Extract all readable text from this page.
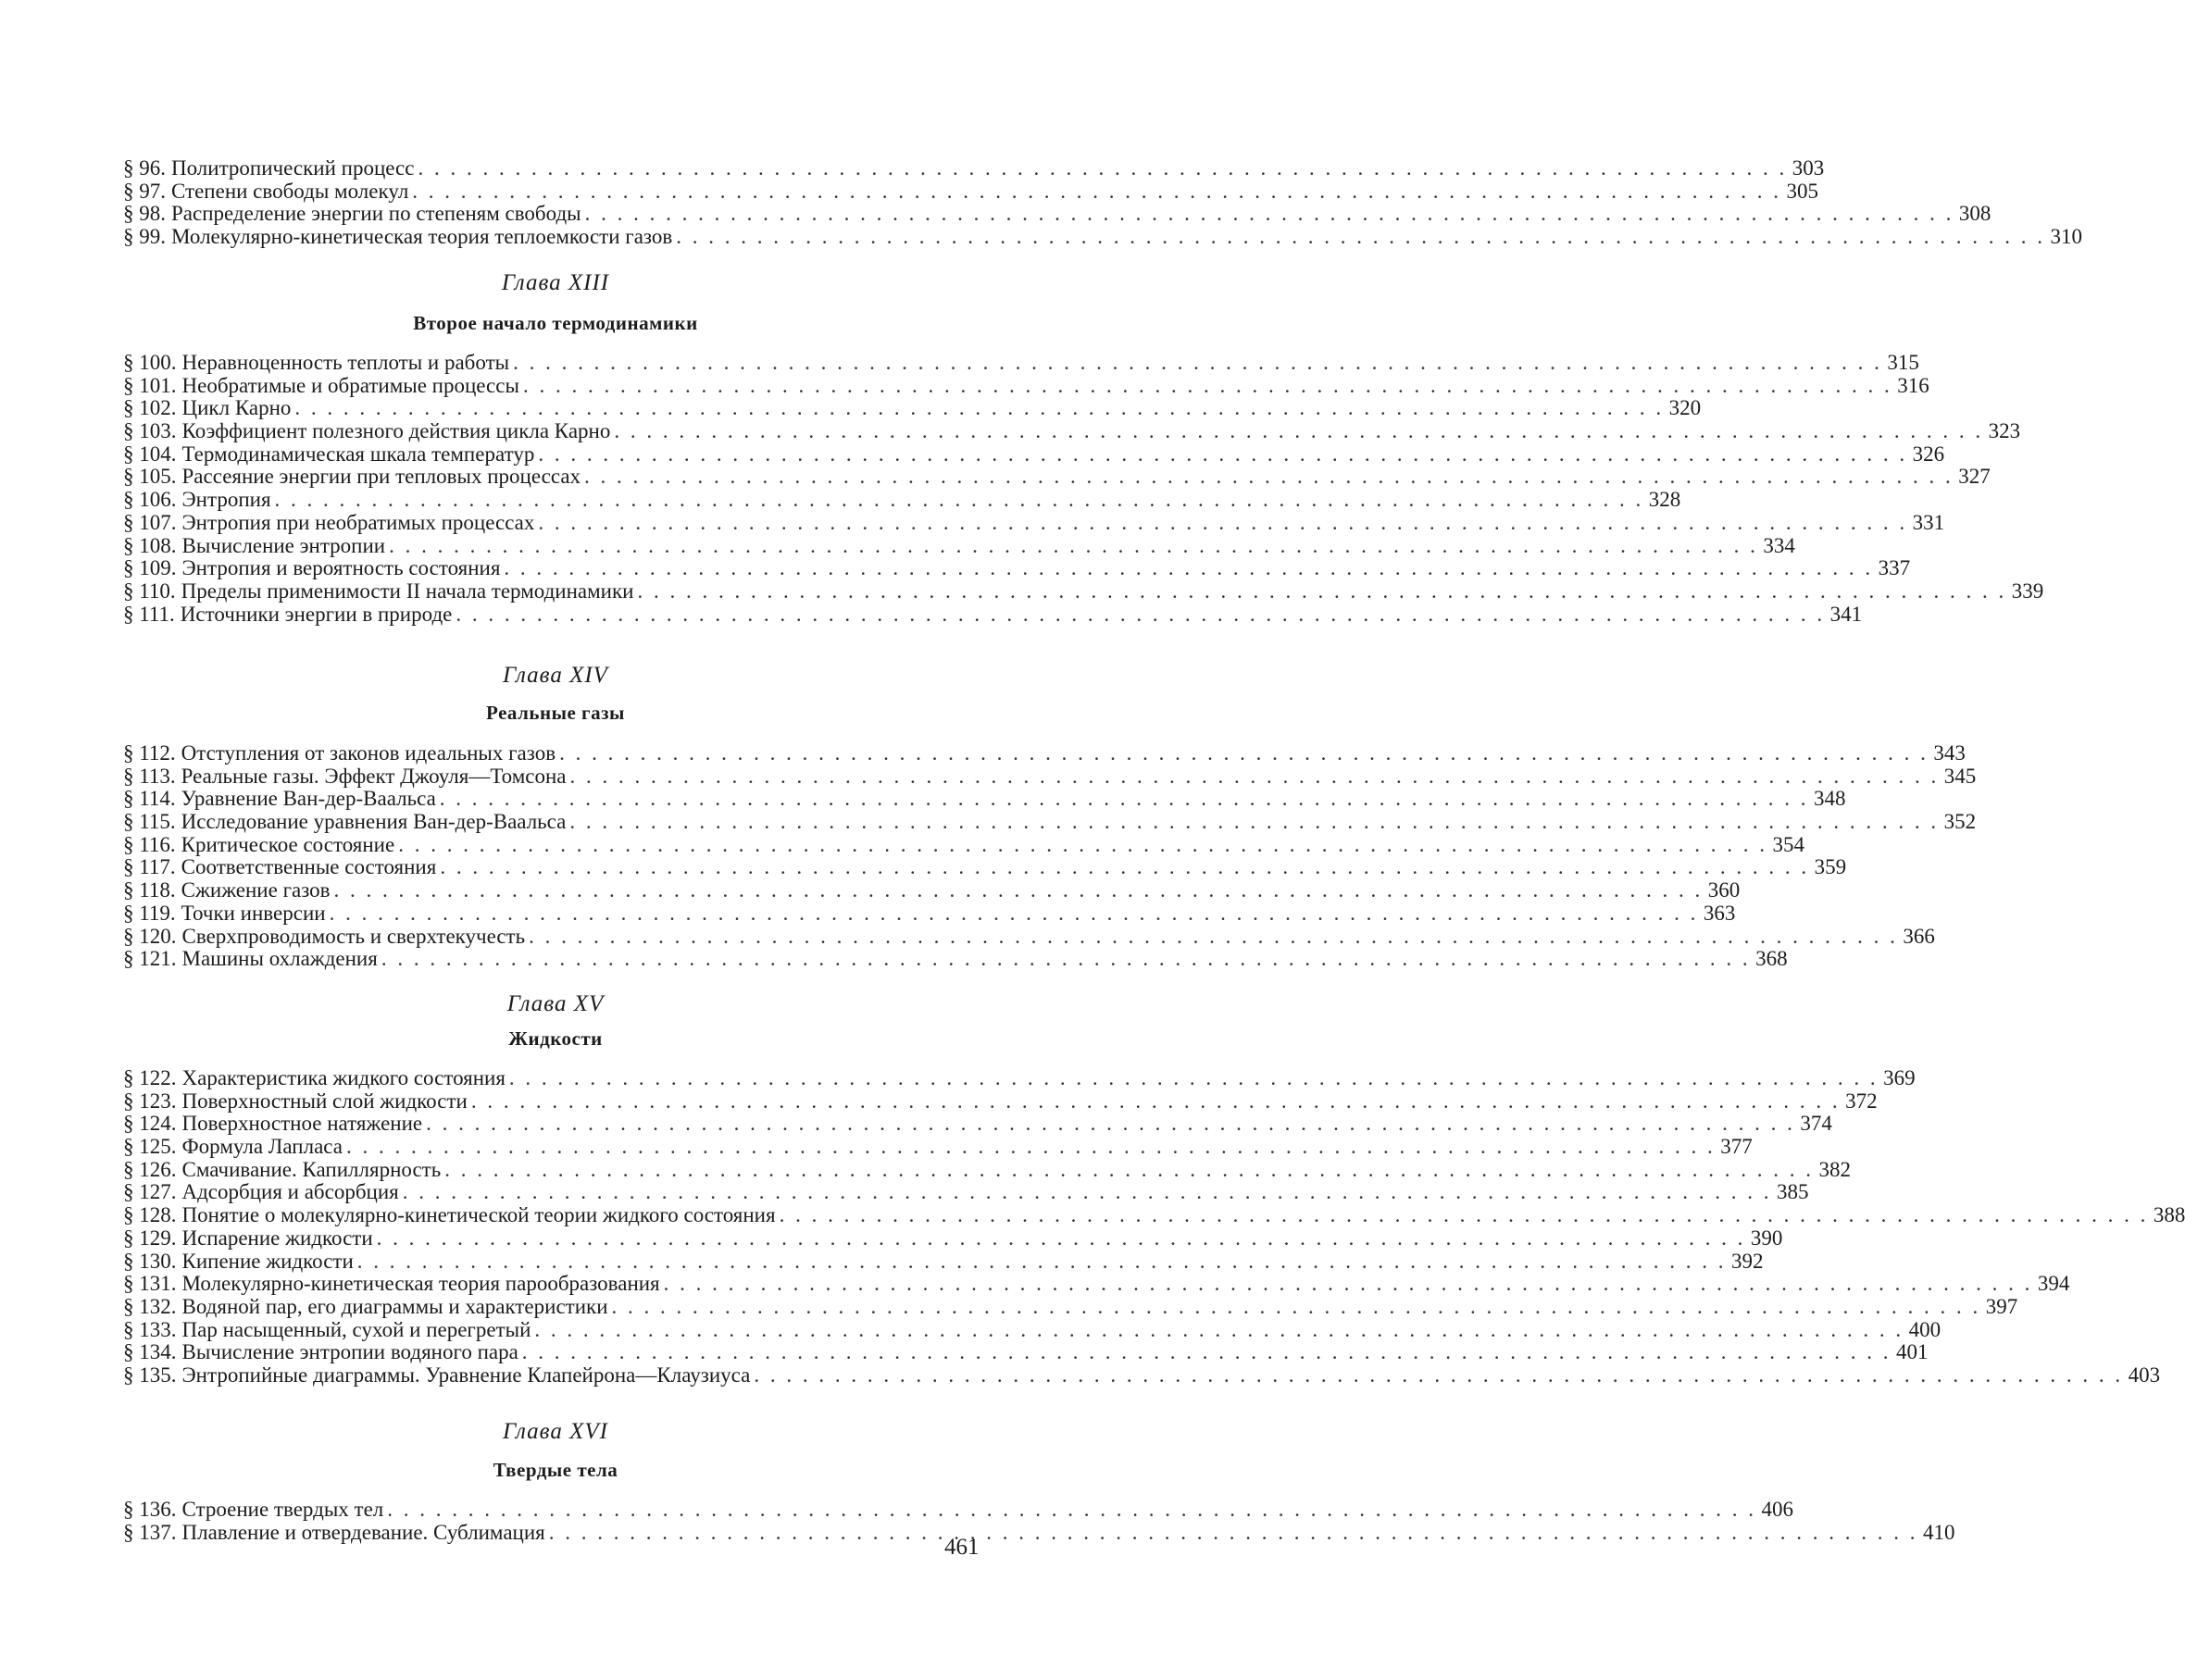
§ 96. Политропический процесс . . .	303
§ 97. Степени свободы молекул . . .	305
§ 98. Распределение энергии по степеням свободы . . .	308
§ 99. Молекулярно-кинетическая теория теплоемкости газов . . .	310
Глава XIII
Второе начало термодинамики
§ 100. Неравноценность теплоты и работы . . .	315
§ 101. Необратимые и обратимые процессы . . .	316
§ 102. Цикл Карно . . .	320
§ 103. Коэффициент полезного действия цикла Карно . . .	323
§ 104. Термодинамическая шкала температур . . .	326
§ 105. Рассеяние энергии при тепловых процессах . . .	327
§ 106. Энтропия . . .	328
§ 107. Энтропия при необратимых процессах . . .	331
§ 108. Вычисление энтропии . . .	334
§ 109. Энтропия и вероятность состояния . . .	337
§ 110. Пределы применимости II начала термодинамики . . .	339
§ 111. Источники энергии в природе . . .	341
Глава XIV
Реальные газы
§ 112. Отступления от законов идеальных газов . . .	343
§ 113. Реальные газы. Эффект Джоуля—Томсона . . .	345
§ 114. Уравнение Ван-дер-Ваальса . . .	348
§ 115. Исследование уравнения Ван-дер-Ваальса . . .	352
§ 116. Критическое состояние . . .	354
§ 117. Соответственные состояния . . .	359
§ 118. Сжижение газов . . .	360
§ 119. Точки инверсии . . .	363
§ 120. Сверхпроводимость и сверхтекучесть . . .	366
§ 121. Машины охлаждения . . .	368
Глава XV
Жидкости
§ 122. Характеристика жидкого состояния . . .	369
§ 123. Поверхностный слой жидкости . . .	372
§ 124. Поверхностное натяжение . . .	374
§ 125. Формула Лапласа . . .	377
§ 126. Смачивание. Капиллярность . . .	382
§ 127. Адсорбция и абсорбция . . .	385
§ 128. Понятие о молекулярно-кинетической теории жидкого состояния . . .	388
§ 129. Испарение жидкости . . .	390
§ 130. Кипение жидкости . . .	392
§ 131. Молекулярно-кинетическая теория парообразования . . .	394
§ 132. Водяной пар, его диаграммы и характеристики . . .	397
§ 133. Пар насыщенный, сухой и перегретый . . .	400
§ 134. Вычисление энтропии водяного пара . . .	401
§ 135. Энтропийные диаграммы. Уравнение Клапейрона—Клаузиуса . . .	403
Глава XVI
Твердые тела
§ 136. Строение твердых тел . . .	406
§ 137. Плавление и отвердевание. Сублимация . . .	410
461
